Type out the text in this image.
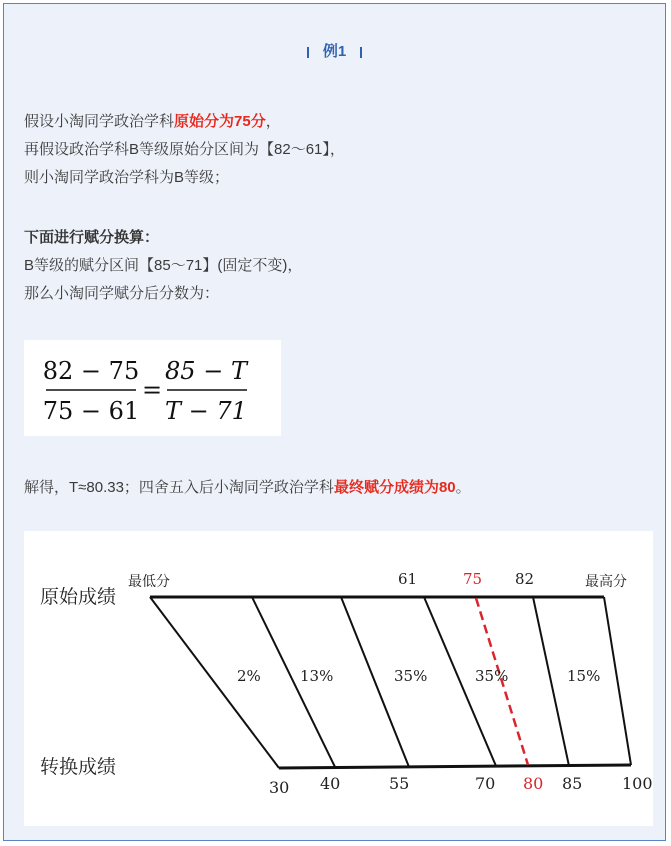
例1
假设小淘同学政治学科原始分为75分，
再假设政治学科B等级原始分区间为【82～61】，
则小淘同学政治学科为B等级；
下面进行赋分换算：
B等级的赋分区间【85～71】(固定不变)，
那么小淘同学赋分后分数为：
82 − 75
75 − 61
=
85 − T
T − 71
解得，T≈80.33；四舍五入后小淘同学政治学科最终赋分成绩为80。
原始成绩
转换成绩
最低分	61	75 82	最高分
2%	13%	35%	35%	15%
30 40	55	70 80 85 100
